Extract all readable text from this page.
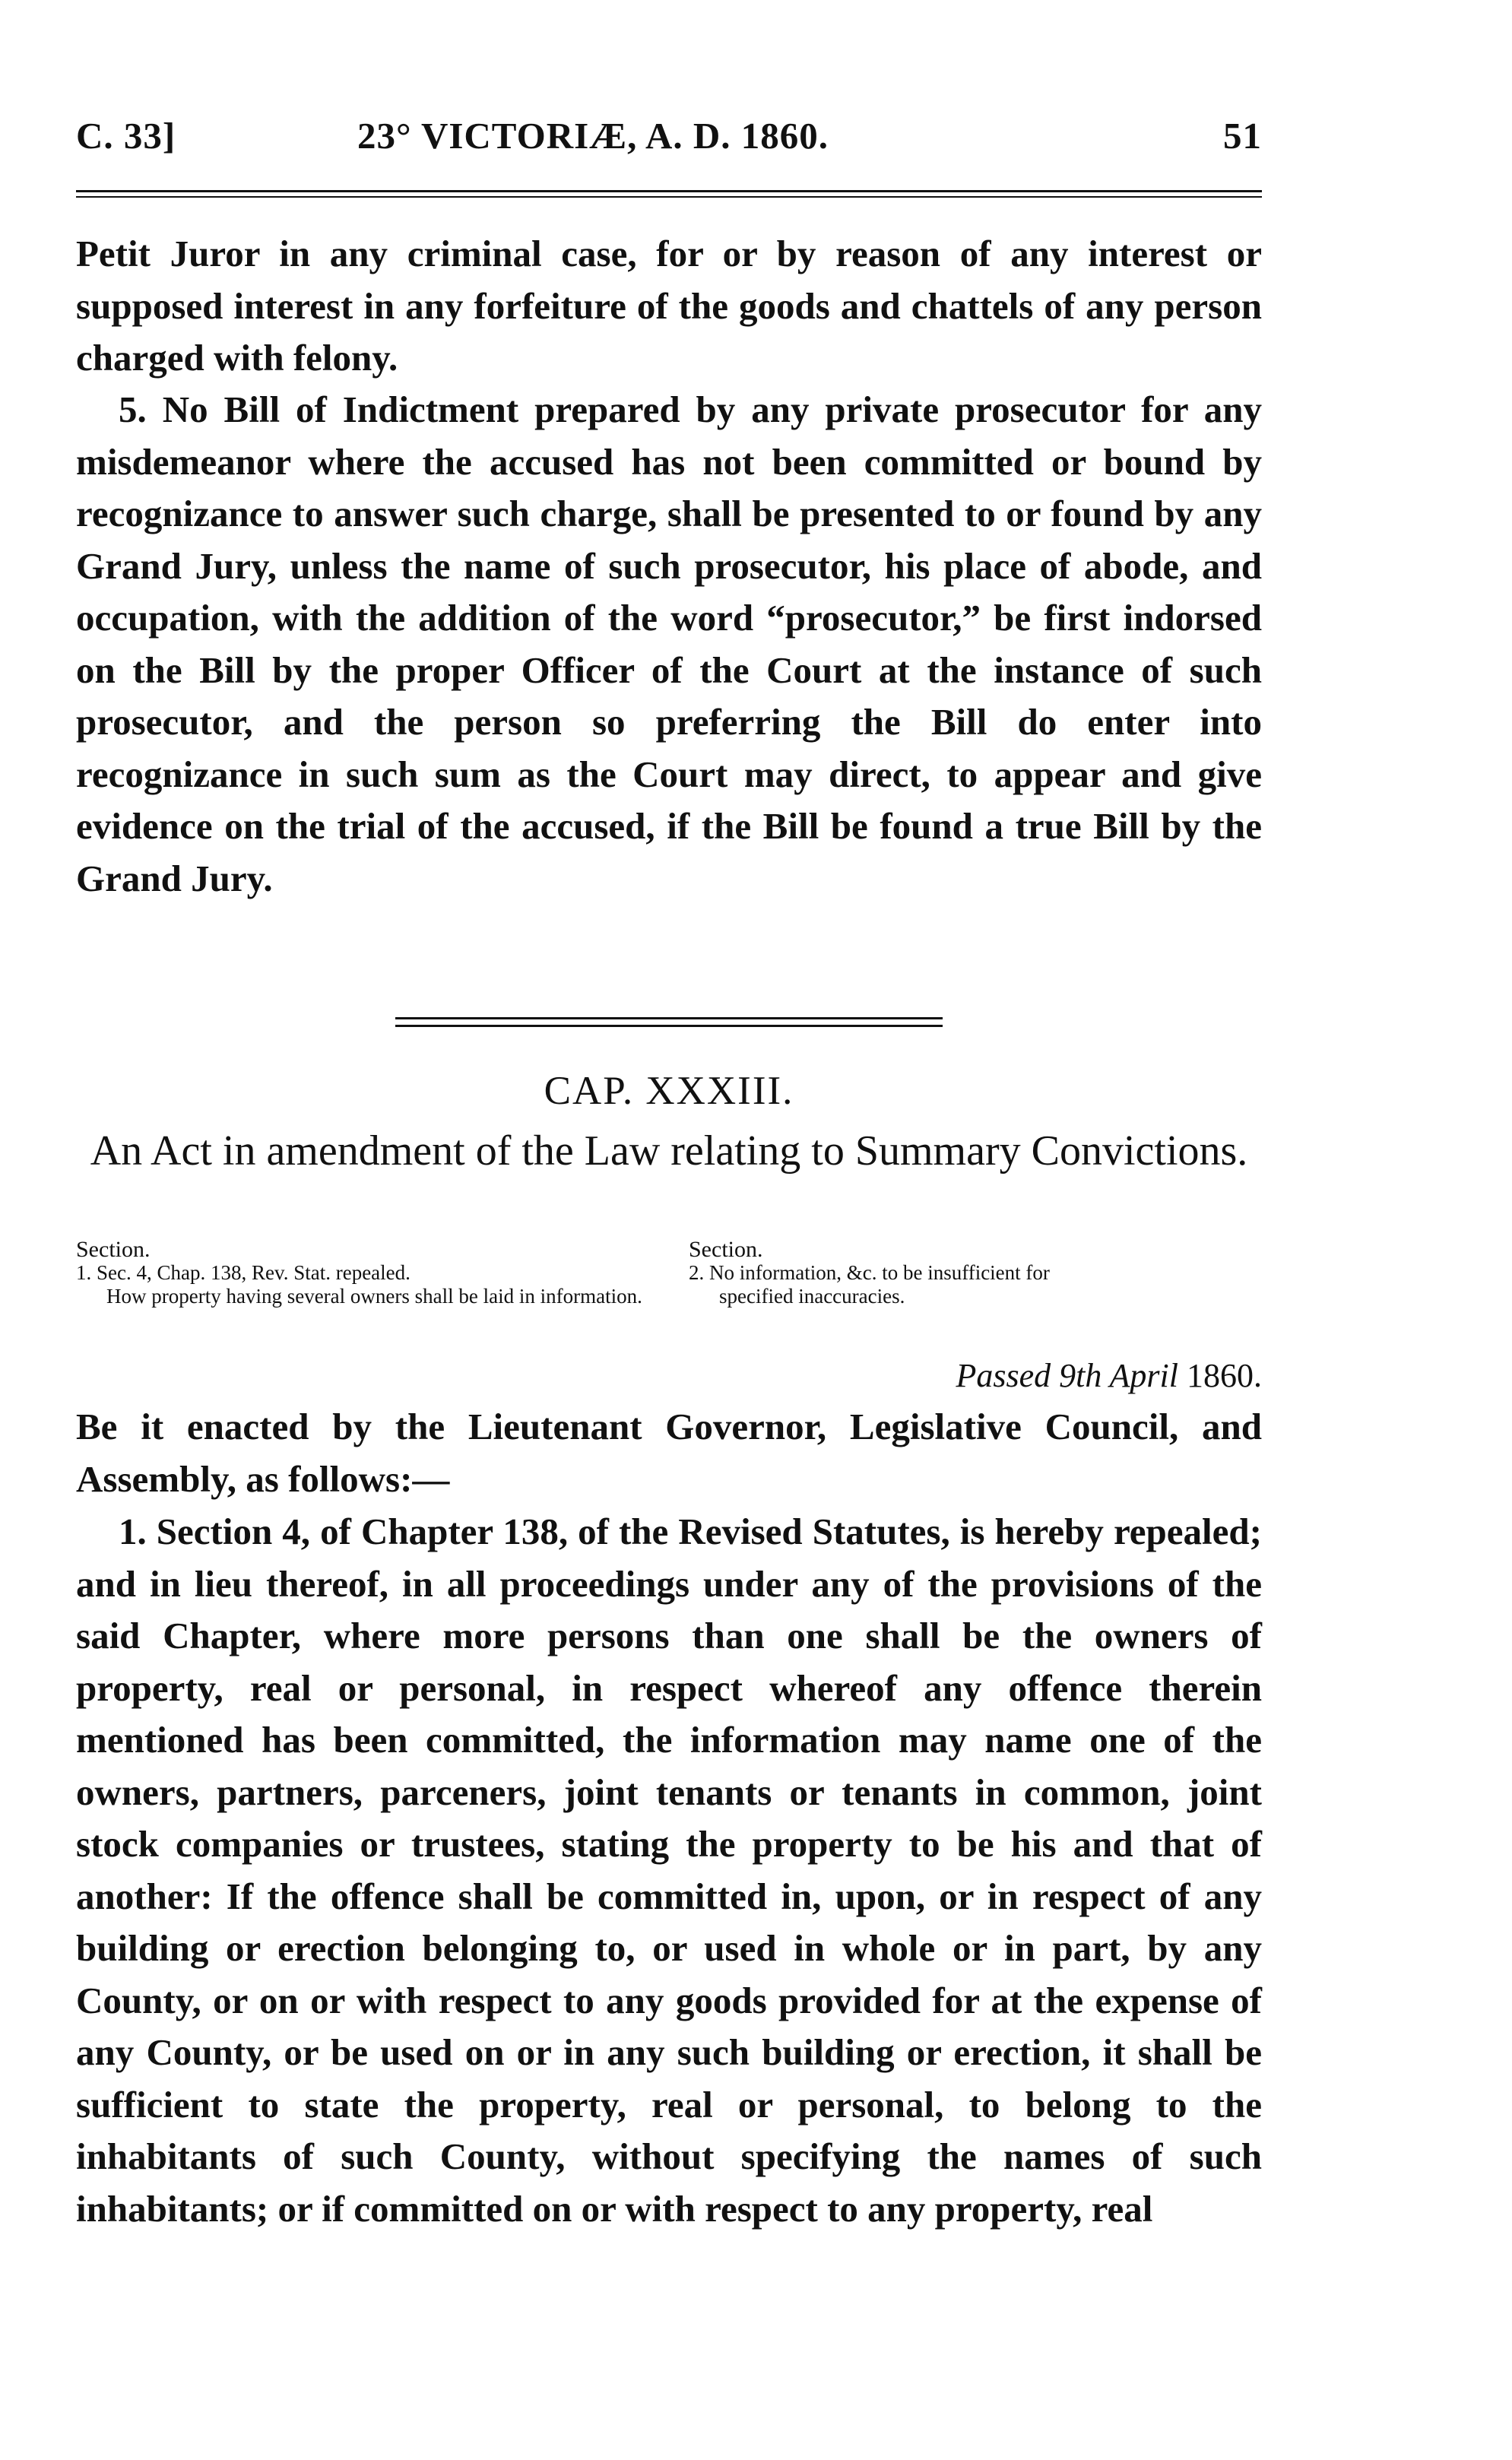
C. 33]	23° VICTORIÆ, A. D. 1860.	51

Petit Juror in any criminal case, for or by reason of any interest or supposed interest in any forfeiture of the goods and chattels of any person charged with felony.

5. No Bill of Indictment prepared by any private prosecutor for any misdemeanor where the accused has not been committed or bound by recognizance to answer such charge, shall be presented to or found by any Grand Jury, unless the name of such prosecutor, his place of abode, and occupation, with the addition of the word “prosecutor,” be first indorsed on the Bill by the proper Officer of the Court at the instance of such prosecutor, and the person so preferring the Bill do enter into recognizance in such sum as the Court may direct, to appear and give evidence on the trial of the accused, if the Bill be found a true Bill by the Grand Jury.

CAP. XXXIII.
An Act in amendment of the Law relating to Summary Convictions.
Section.
1. Sec. 4, Chap. 138, Rev. Stat. repealed.
How property having several owners shall be laid in information.
Section.
2. No information, &c. to be insufficient for
specified inaccuracies.
Passed 9th April 1860.

Be it enacted by the Lieutenant Governor, Legislative Council, and Assembly, as follows:—

1. Section 4, of Chapter 138, of the Revised Statutes, is hereby repealed; and in lieu thereof, in all proceedings under any of the provisions of the said Chapter, where more persons than one shall be the owners of property, real or personal, in respect whereof any offence therein mentioned has been committed, the information may name one of the owners, partners, parceners, joint tenants or tenants in common, joint stock companies or trustees, stating the property to be his and that of another: If the offence shall be committed in, upon, or in respect of any building or erection belonging to, or used in whole or in part, by any County, or on or with respect to any goods provided for at the expense of any County, or be used on or in any such building or erection, it shall be sufficient to state the property, real or personal, to belong to the inhabitants of such County, without specifying the names of such inhabitants; or if committed on or with respect to any property, real
